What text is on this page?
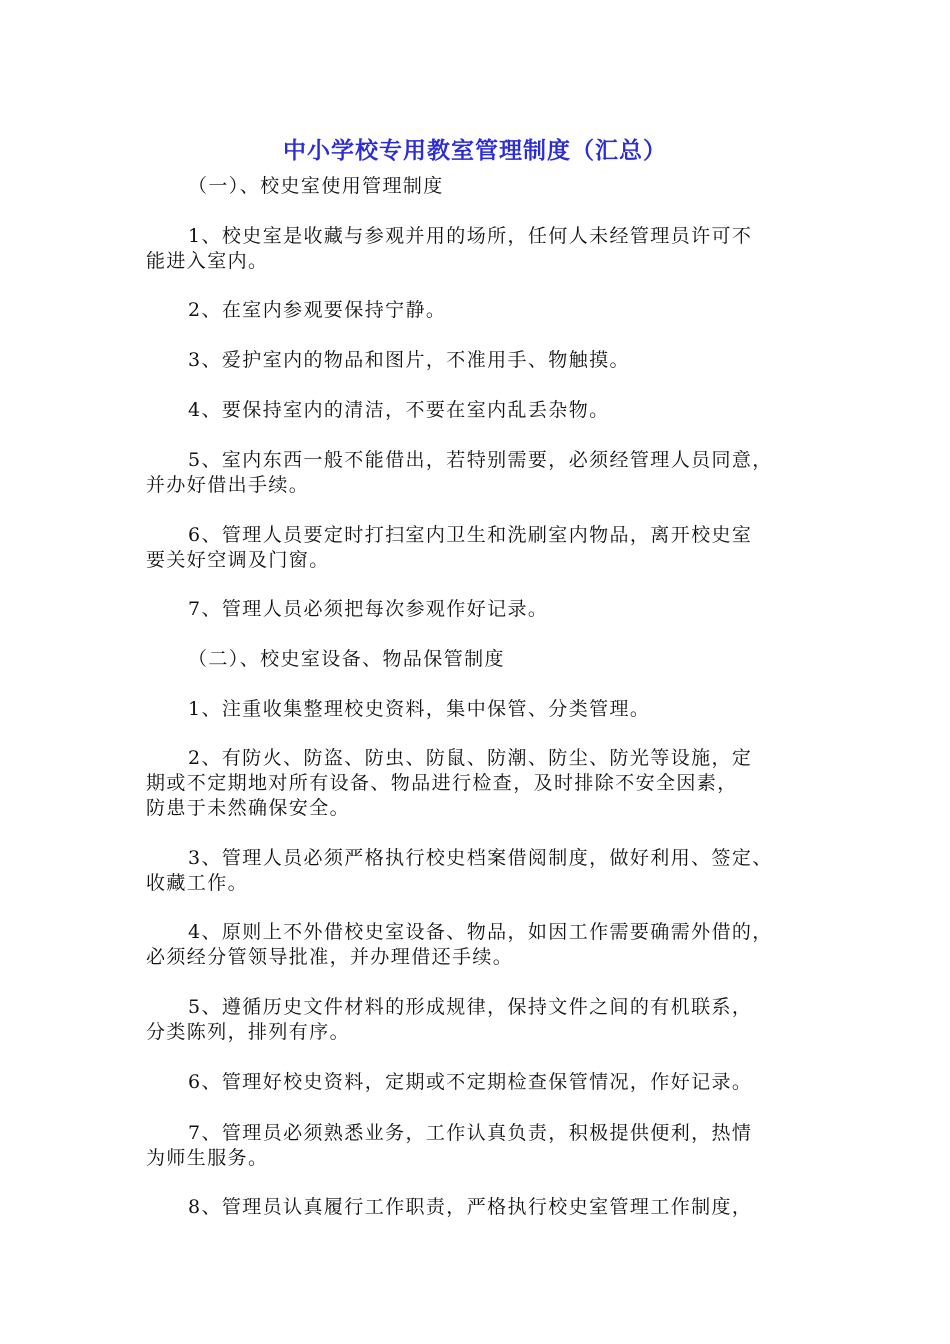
中小学校专用教室管理制度（汇总）

（一）、校史室使用管理制度

1、校史室是收藏与参观并用的场所，任何人未经管理员许可不

能进入室内。

2、在室内参观要保持宁静。

3、爱护室内的物品和图片，不准用手、物触摸。

4、要保持室内的清洁，不要在室内乱丢杂物。

5、室内东西一般不能借出，若特别需要，必须经管理人员同意，

并办好借出手续。

6、管理人员要定时打扫室内卫生和洗刷室内物品，离开校史室

要关好空调及门窗。

7、管理人员必须把每次参观作好记录。

（二）、校史室设备、物品保管制度

1、注重收集整理校史资料，集中保管、分类管理。

2、有防火、防盗、防虫、防鼠、防潮、防尘、防光等设施，定

期或不定期地对所有设备、物品进行检查，及时排除不安全因素，

防患于未然确保安全。

3、管理人员必须严格执行校史档案借阅制度，做好利用、签定、

收藏工作。

4、原则上不外借校史室设备、物品，如因工作需要确需外借的，

必须经分管领导批准，并办理借还手续。

5、遵循历史文件材料的形成规律，保持文件之间的有机联系，

分类陈列，排列有序。

6、管理好校史资料，定期或不定期检查保管情况，作好记录。

7、管理员必须熟悉业务，工作认真负责，积极提供便利，热情

为师生服务。

8、管理员认真履行工作职责，严格执行校史室管理工作制度，
